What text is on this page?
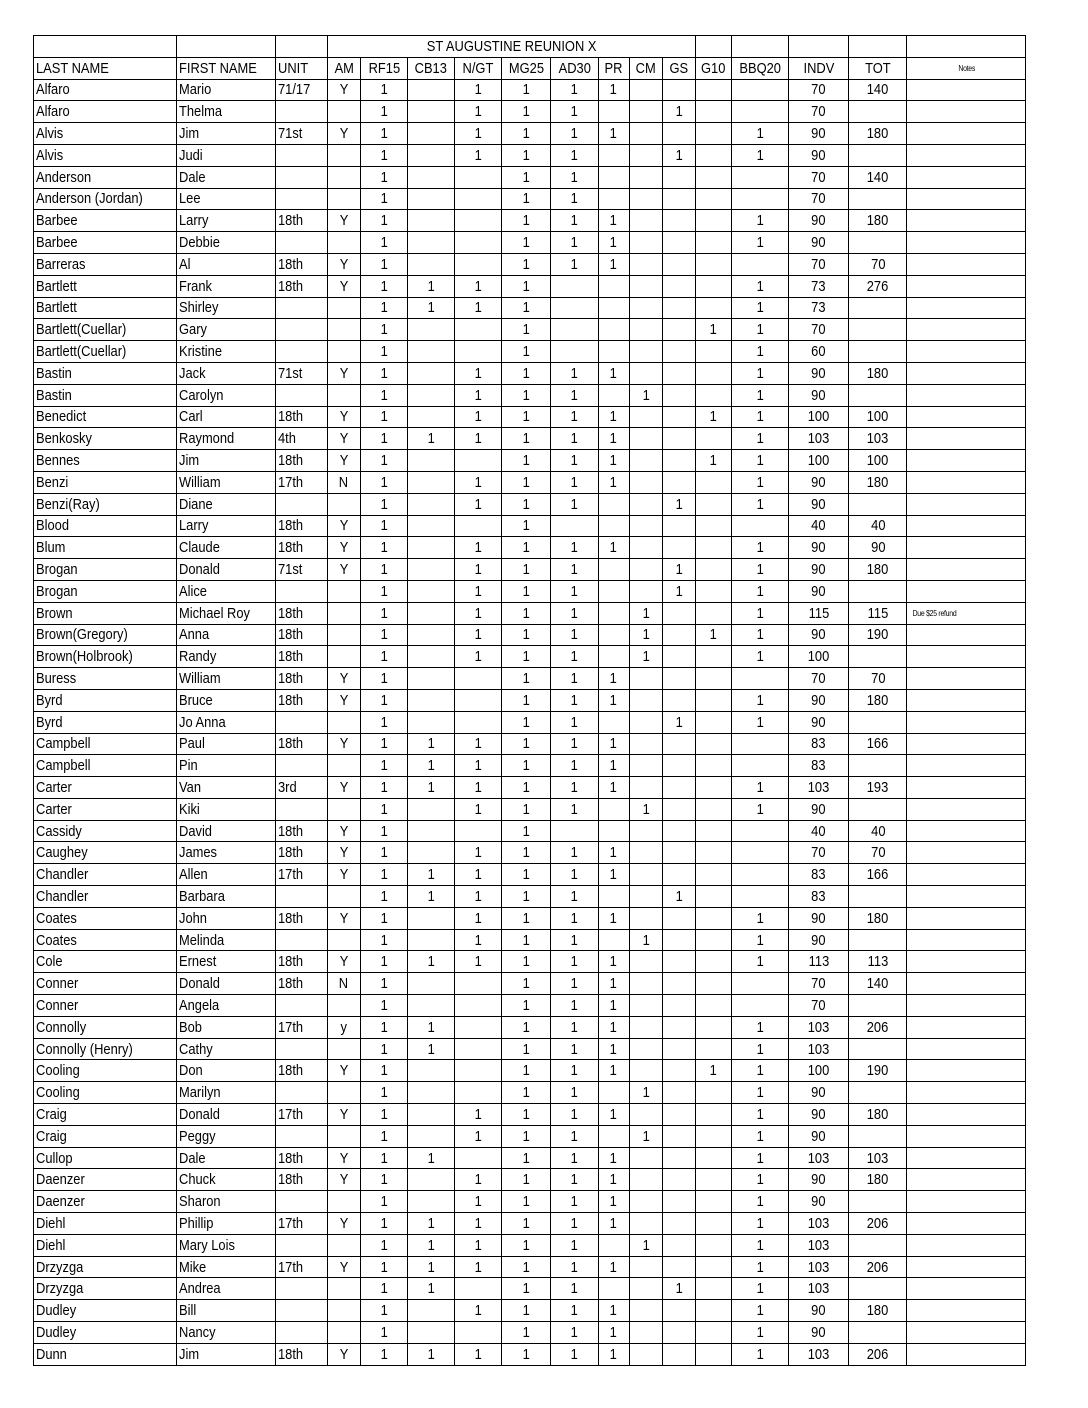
			ST AUGUSTINE REUNION X													
LAST NAME	FIRST NAME	UNIT	AM	RF15	CB13	N/GT	MG25	AD30	PR	CM	GS	G10	BBQ20	INDV	TOT	Notes
Alfaro	Mario	71/17	Y	1		1	1	1	1					70	140	
Alfaro	Thelma			1		1	1	1			1			70		
Alvis	Jim	71st	Y	1		1	1	1	1				1	90	180	
Alvis	Judi			1		1	1	1			1		1	90		
Anderson	Dale			1			1	1						70	140	
Anderson (Jordan)	Lee			1			1	1						70		
Barbee	Larry	18th	Y	1			1	1	1				1	90	180	
Barbee	Debbie			1			1	1	1				1	90		
Barreras	Al	18th	Y	1			1	1	1					70	70	
Bartlett	Frank	18th	Y	1	1	1	1						1	73	276	
Bartlett	Shirley			1	1	1	1						1	73		
Bartlett(Cuellar)	Gary			1			1					1	1	70		
Bartlett(Cuellar)	Kristine			1			1						1	60		
Bastin	Jack	71st	Y	1		1	1	1	1				1	90	180	
Bastin	Carolyn			1		1	1	1		1			1	90		
Benedict	Carl	18th	Y	1		1	1	1	1			1	1	100	100	
Benkosky	Raymond	4th	Y	1	1	1	1	1	1				1	103	103	
Bennes	Jim	18th	Y	1			1	1	1			1	1	100	100	
Benzi	William	17th	N	1		1	1	1	1				1	90	180	
Benzi(Ray)	Diane			1		1	1	1			1		1	90		
Blood	Larry	18th	Y	1			1							40	40	
Blum	Claude	18th	Y	1		1	1	1	1				1	90	90	
Brogan	Donald	71st	Y	1		1	1	1			1		1	90	180	
Brogan	Alice			1		1	1	1			1		1	90		
Brown	Michael Roy	18th		1		1	1	1		1			1	115	115	Due $25 refund
Brown(Gregory)	Anna	18th		1		1	1	1		1		1	1	90	190	
Brown(Holbrook)	Randy	18th		1		1	1	1		1			1	100		
Buress	William	18th	Y	1			1	1	1					70	70	
Byrd	Bruce	18th	Y	1			1	1	1				1	90	180	
Byrd	Jo Anna			1			1	1			1		1	90		
Campbell	Paul	18th	Y	1	1	1	1	1	1					83	166	
Campbell	Pin			1	1	1	1	1	1					83		
Carter	Van	3rd	Y	1	1	1	1	1	1				1	103	193	
Carter	Kiki			1		1	1	1		1			1	90		
Cassidy	David	18th	Y	1			1							40	40	
Caughey	James	18th	Y	1		1	1	1	1					70	70	
Chandler	Allen	17th	Y	1	1	1	1	1	1					83	166	
Chandler	Barbara			1	1	1	1	1			1			83		
Coates	John	18th	Y	1		1	1	1	1				1	90	180	
Coates	Melinda			1		1	1	1		1			1	90		
Cole	Ernest	18th	Y	1	1	1	1	1	1				1	113	113	
Conner	Donald	18th	N	1			1	1	1					70	140	
Conner	Angela			1			1	1	1					70		
Connolly	Bob	17th	y	1	1		1	1	1				1	103	206	
Connolly (Henry)	Cathy			1	1		1	1	1				1	103		
Cooling	Don	18th	Y	1			1	1	1			1	1	100	190	
Cooling	Marilyn			1			1	1		1			1	90		
Craig	Donald	17th	Y	1		1	1	1	1				1	90	180	
Craig	Peggy			1		1	1	1		1			1	90		
Cullop	Dale	18th	Y	1	1		1	1	1				1	103	103	
Daenzer	Chuck	18th	Y	1		1	1	1	1				1	90	180	
Daenzer	Sharon			1		1	1	1	1				1	90		
Diehl	Phillip	17th	Y	1	1	1	1	1	1				1	103	206	
Diehl	Mary Lois			1	1	1	1	1		1			1	103		
Drzyzga	Mike	17th	Y	1	1	1	1	1	1				1	103	206	
Drzyzga	Andrea			1	1		1	1			1		1	103		
Dudley	Bill			1		1	1	1	1				1	90	180	
Dudley	Nancy			1			1	1	1				1	90		
Dunn	Jim	18th	Y	1	1	1	1	1	1				1	103	206	
